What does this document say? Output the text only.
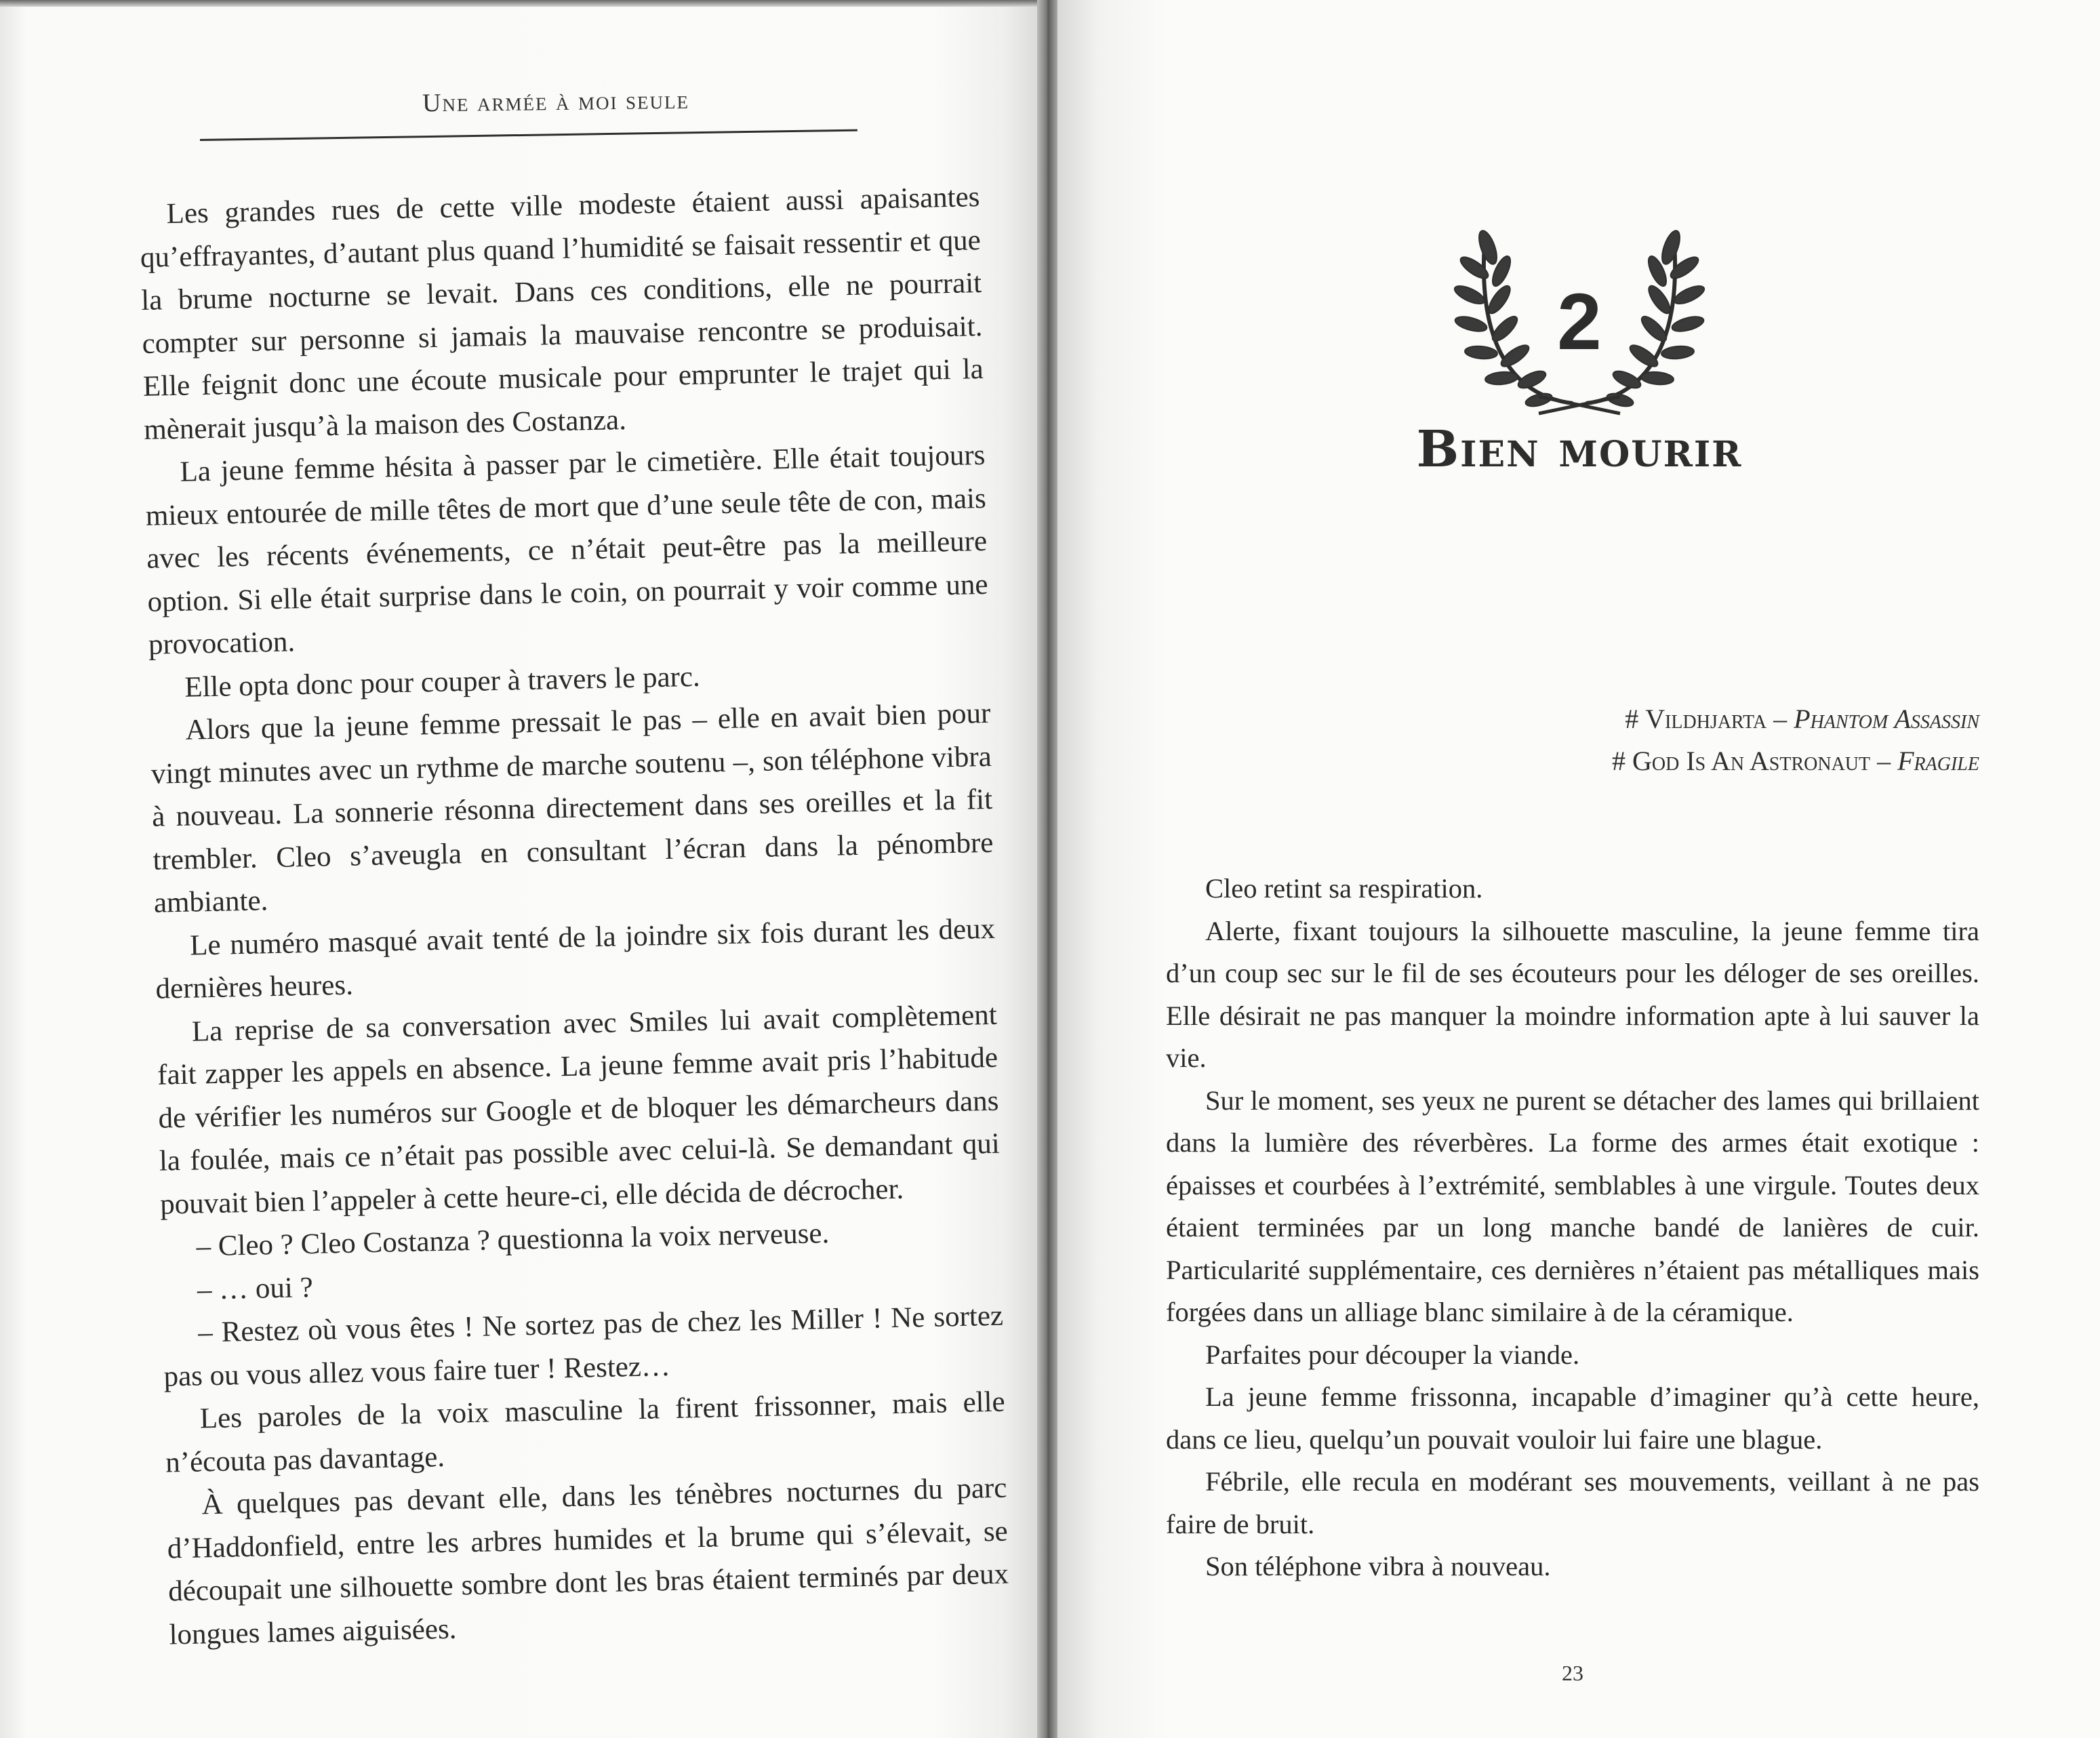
Une armée à moi seule

Les grandes rues de cette ville modeste étaient aussi apaisantes qu’effrayantes, d’autant plus quand l’humidité se faisait ressentir et que la brume nocturne se levait. Dans ces conditions, elle ne pourrait compter sur personne si jamais la mauvaise rencontre se produisait. Elle feignit donc une écoute musicale pour emprunter le trajet qui la mènerait jusqu’à la maison des Costanza.

La jeune femme hésita à passer par le cimetière. Elle était toujours mieux entourée de mille têtes de mort que d’une seule tête de con, mais avec les récents événements, ce n’était peut-être pas la meilleure option. Si elle était surprise dans le coin, on pourrait y voir comme une provocation.

Elle opta donc pour couper à travers le parc.

Alors que la jeune femme pressait le pas – elle en avait bien pour vingt minutes avec un rythme de marche soutenu –, son téléphone vibra à nouveau. La sonnerie résonna directement dans ses oreilles et la fit trembler. Cleo s’aveugla en consultant l’écran dans la pénombre ambiante.

Le numéro masqué avait tenté de la joindre six fois durant les deux dernières heures.

La reprise de sa conversation avec Smiles lui avait complètement fait zapper les appels en absence. La jeune femme avait pris l’habitude de vérifier les numéros sur Google et de bloquer les démarcheurs dans la foulée, mais ce n’était pas possible avec celui-là. Se demandant qui pouvait bien l’appeler à cette heure-ci, elle décida de décrocher.

– Cleo ? Cleo Costanza ? questionna la voix nerveuse.

– … oui ?

– Restez où vous êtes ! Ne sortez pas de chez les Miller ! Ne sortez pas ou vous allez vous faire tuer ! Restez…

Les paroles de la voix masculine la firent frissonner, mais elle n’écouta pas davantage.

À quelques pas devant elle, dans les ténèbres nocturnes du parc d’Haddonfield, entre les arbres humides et la brume qui s’élevait, se découpait une silhouette sombre dont les bras étaient terminés par deux longues lames aiguisées.

2
Bien mourir
# Vildhjarta – Phantom Assassin
# God Is An Astronaut – Fragile

Cleo retint sa respiration.

Alerte, fixant toujours la silhouette masculine, la jeune femme tira d’un coup sec sur le fil de ses écouteurs pour les déloger de ses oreilles. Elle désirait ne pas manquer la moindre information apte à lui sauver la vie.

Sur le moment, ses yeux ne purent se détacher des lames qui brillaient dans la lumière des réverbères. La forme des armes était exotique : épaisses et courbées à l’extrémité, semblables à une virgule. Toutes deux étaient terminées par un long manche bandé de lanières de cuir. Particularité supplémentaire, ces dernières n’étaient pas métalliques mais forgées dans un alliage blanc similaire à de la céramique.

Parfaites pour découper la viande.

La jeune femme frissonna, incapable d’imaginer qu’à cette heure, dans ce lieu, quelqu’un pouvait vouloir lui faire une blague.

Fébrile, elle recula en modérant ses mouvements, veillant à ne pas faire de bruit.

Son téléphone vibra à nouveau.

23
